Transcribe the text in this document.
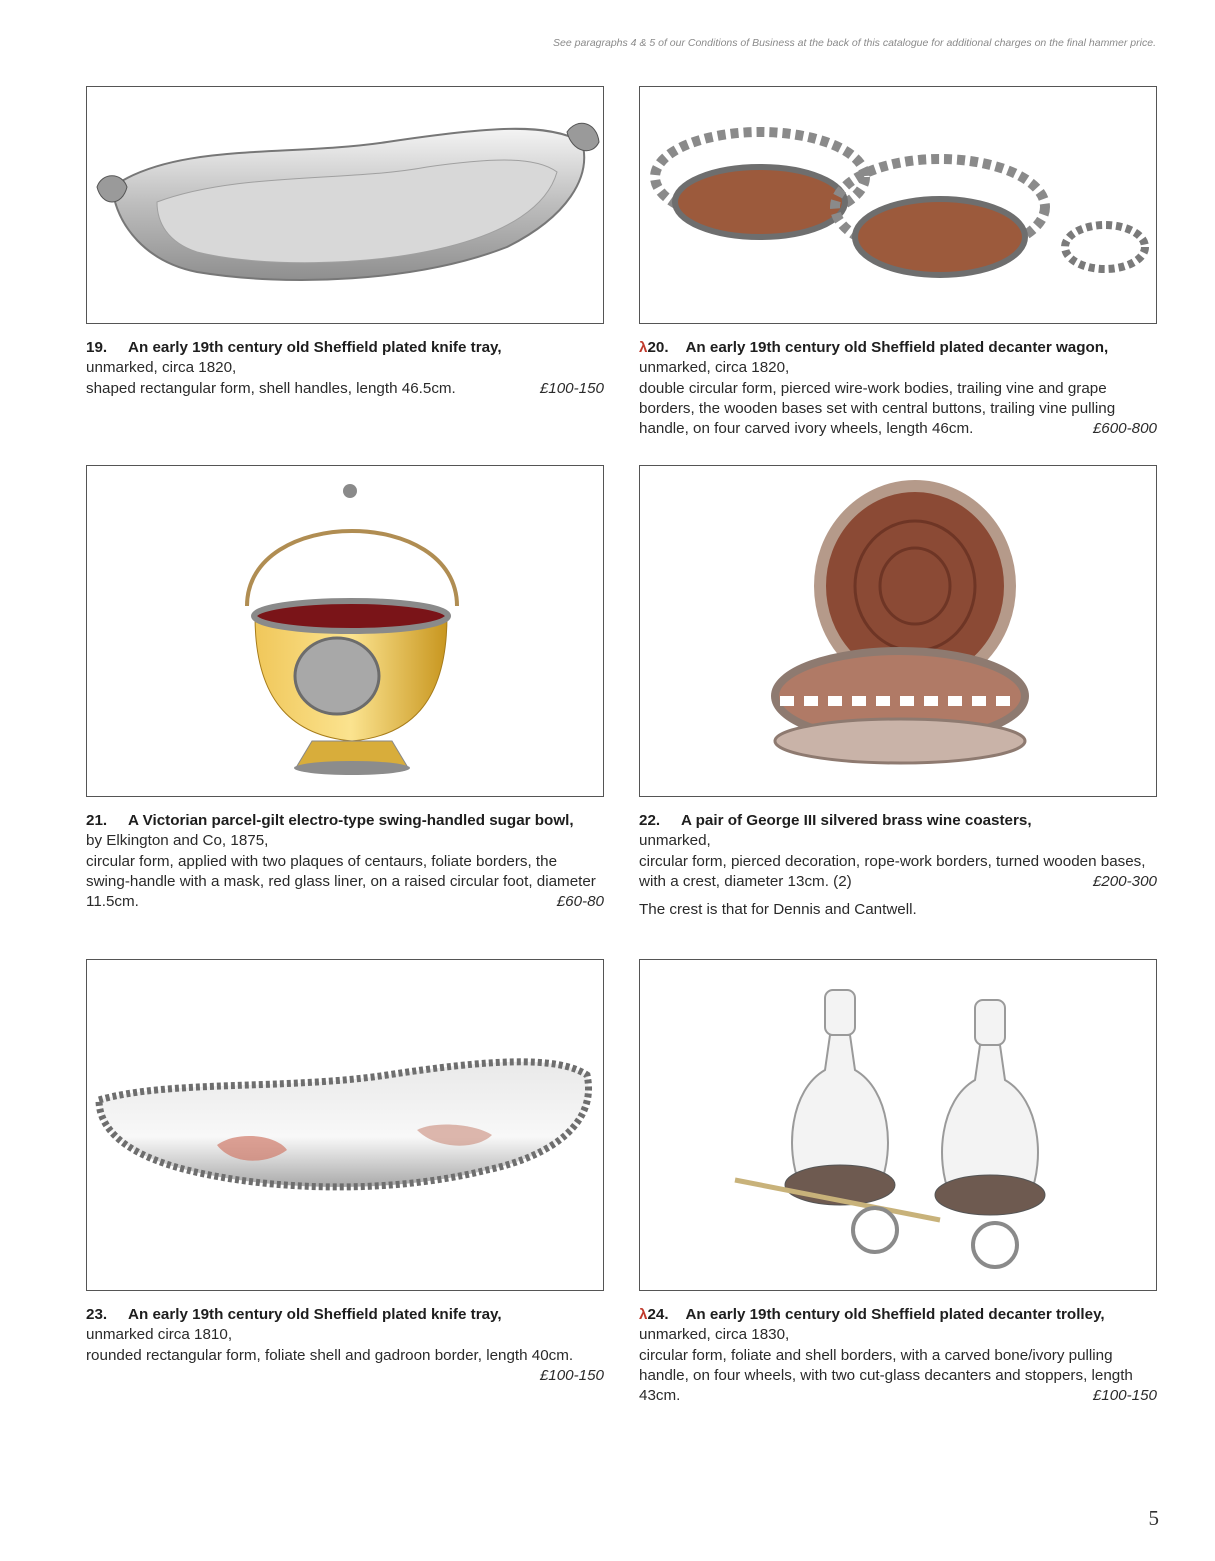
See paragraphs 4 & 5 of our Conditions of Business at the back of this catalogue for additional charges on the final hammer price.
19. An early 19th century old Sheffield plated knife tray,
unmarked, circa 1820,
£100-150
shaped rectangular form, shell handles, length 46.5cm.
λ20. An early 19th century old Sheffield plated decanter wagon,
unmarked, circa 1820,
double circular form, pierced wire-work bodies, trailing vine and grape borders, the wooden bases set with central buttons, trailing vine pulling handle, on four carved ivory wheels, length 46cm.	£600-800
21. A Victorian parcel-gilt electro-type swing-handled sugar bowl,
by Elkington and Co, 1875,
circular form, applied with two plaques of centaurs, foliate borders, the swing-handle with a mask, red glass liner, on a raised circular foot, diameter 11.5cm.	£60-80
22. A pair of George III silvered brass wine coasters,
unmarked,
circular form, pierced decoration, rope-work borders, turned wooden bases, with a crest, diameter 13cm. (2)	£200-300
The crest is that for Dennis and Cantwell.
23. An early 19th century old Sheffield plated knife tray,
unmarked circa 1810,
rounded rectangular form, foliate shell and gadroon border, length 40cm.
£100-150
λ24. An early 19th century old Sheffield plated decanter trolley,
unmarked, circa 1830,
circular form, foliate and shell borders, with a carved bone/ivory pulling handle, on four wheels, with two cut-glass decanters and stoppers, length 43cm.	£100-150
5
